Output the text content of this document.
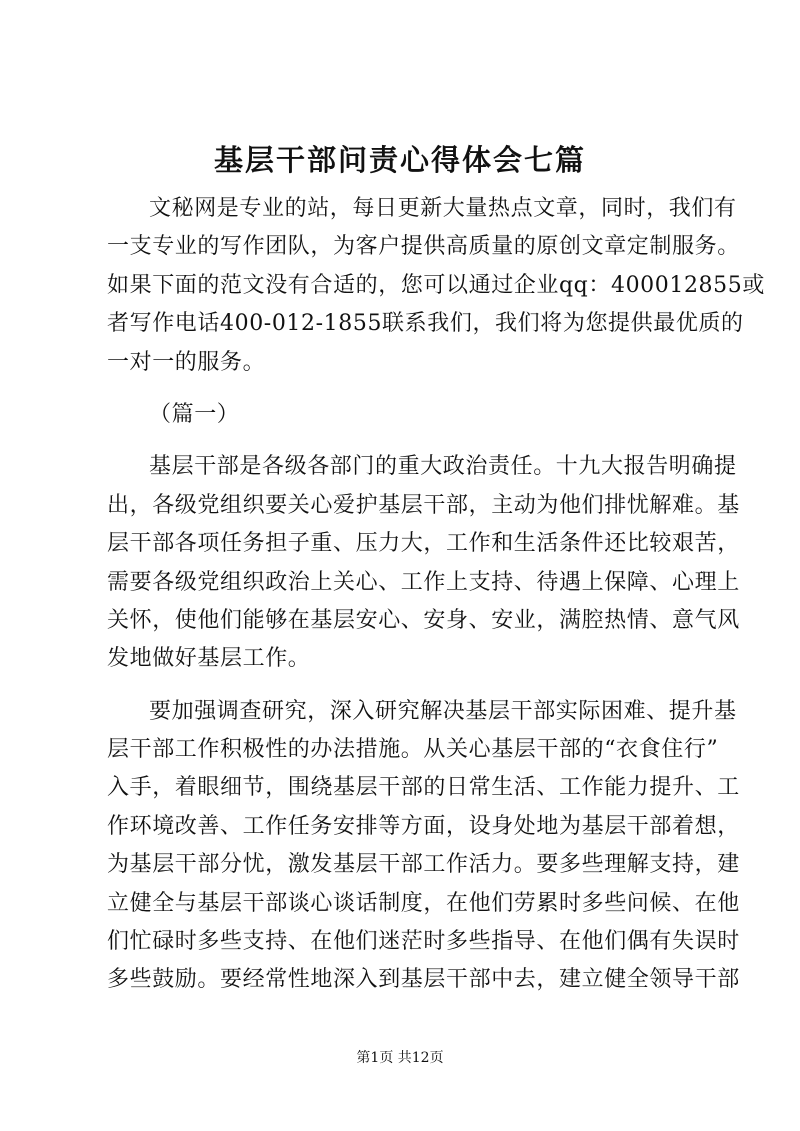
基层干部问责心得体会七篇
文秘网是专业的站，每日更新大量热点文章，同时，我们有
一支专业的写作团队，为客户提供高质量的原创文章定制服务。
如果下面的范文没有合适的，您可以通过企业qq：400012855或
者写作电话400-012-1855联系我们，我们将为您提供最优质的
一对一的服务。
（篇一）
基层干部是各级各部门的重大政治责任。十九大报告明确提
出，各级党组织要关心爱护基层干部，主动为他们排忧解难。基
层干部各项任务担子重、压力大，工作和生活条件还比较艰苦，
需要各级党组织政治上关心、工作上支持、待遇上保障、心理上
关怀，使他们能够在基层安心、安身、安业，满腔热情、意气风
发地做好基层工作。
要加强调查研究，深入研究解决基层干部实际困难、提升基
层干部工作积极性的办法措施。从关心基层干部的“衣食住行”
入手，着眼细节，围绕基层干部的日常生活、工作能力提升、工
作环境改善、工作任务安排等方面，设身处地为基层干部着想，
为基层干部分忧，激发基层干部工作活力。要多些理解支持，建
立健全与基层干部谈心谈话制度，在他们劳累时多些问候、在他
们忙碌时多些支持、在他们迷茫时多些指导、在他们偶有失误时
多些鼓励。要经常性地深入到基层干部中去，建立健全领导干部
第1页 共12页
